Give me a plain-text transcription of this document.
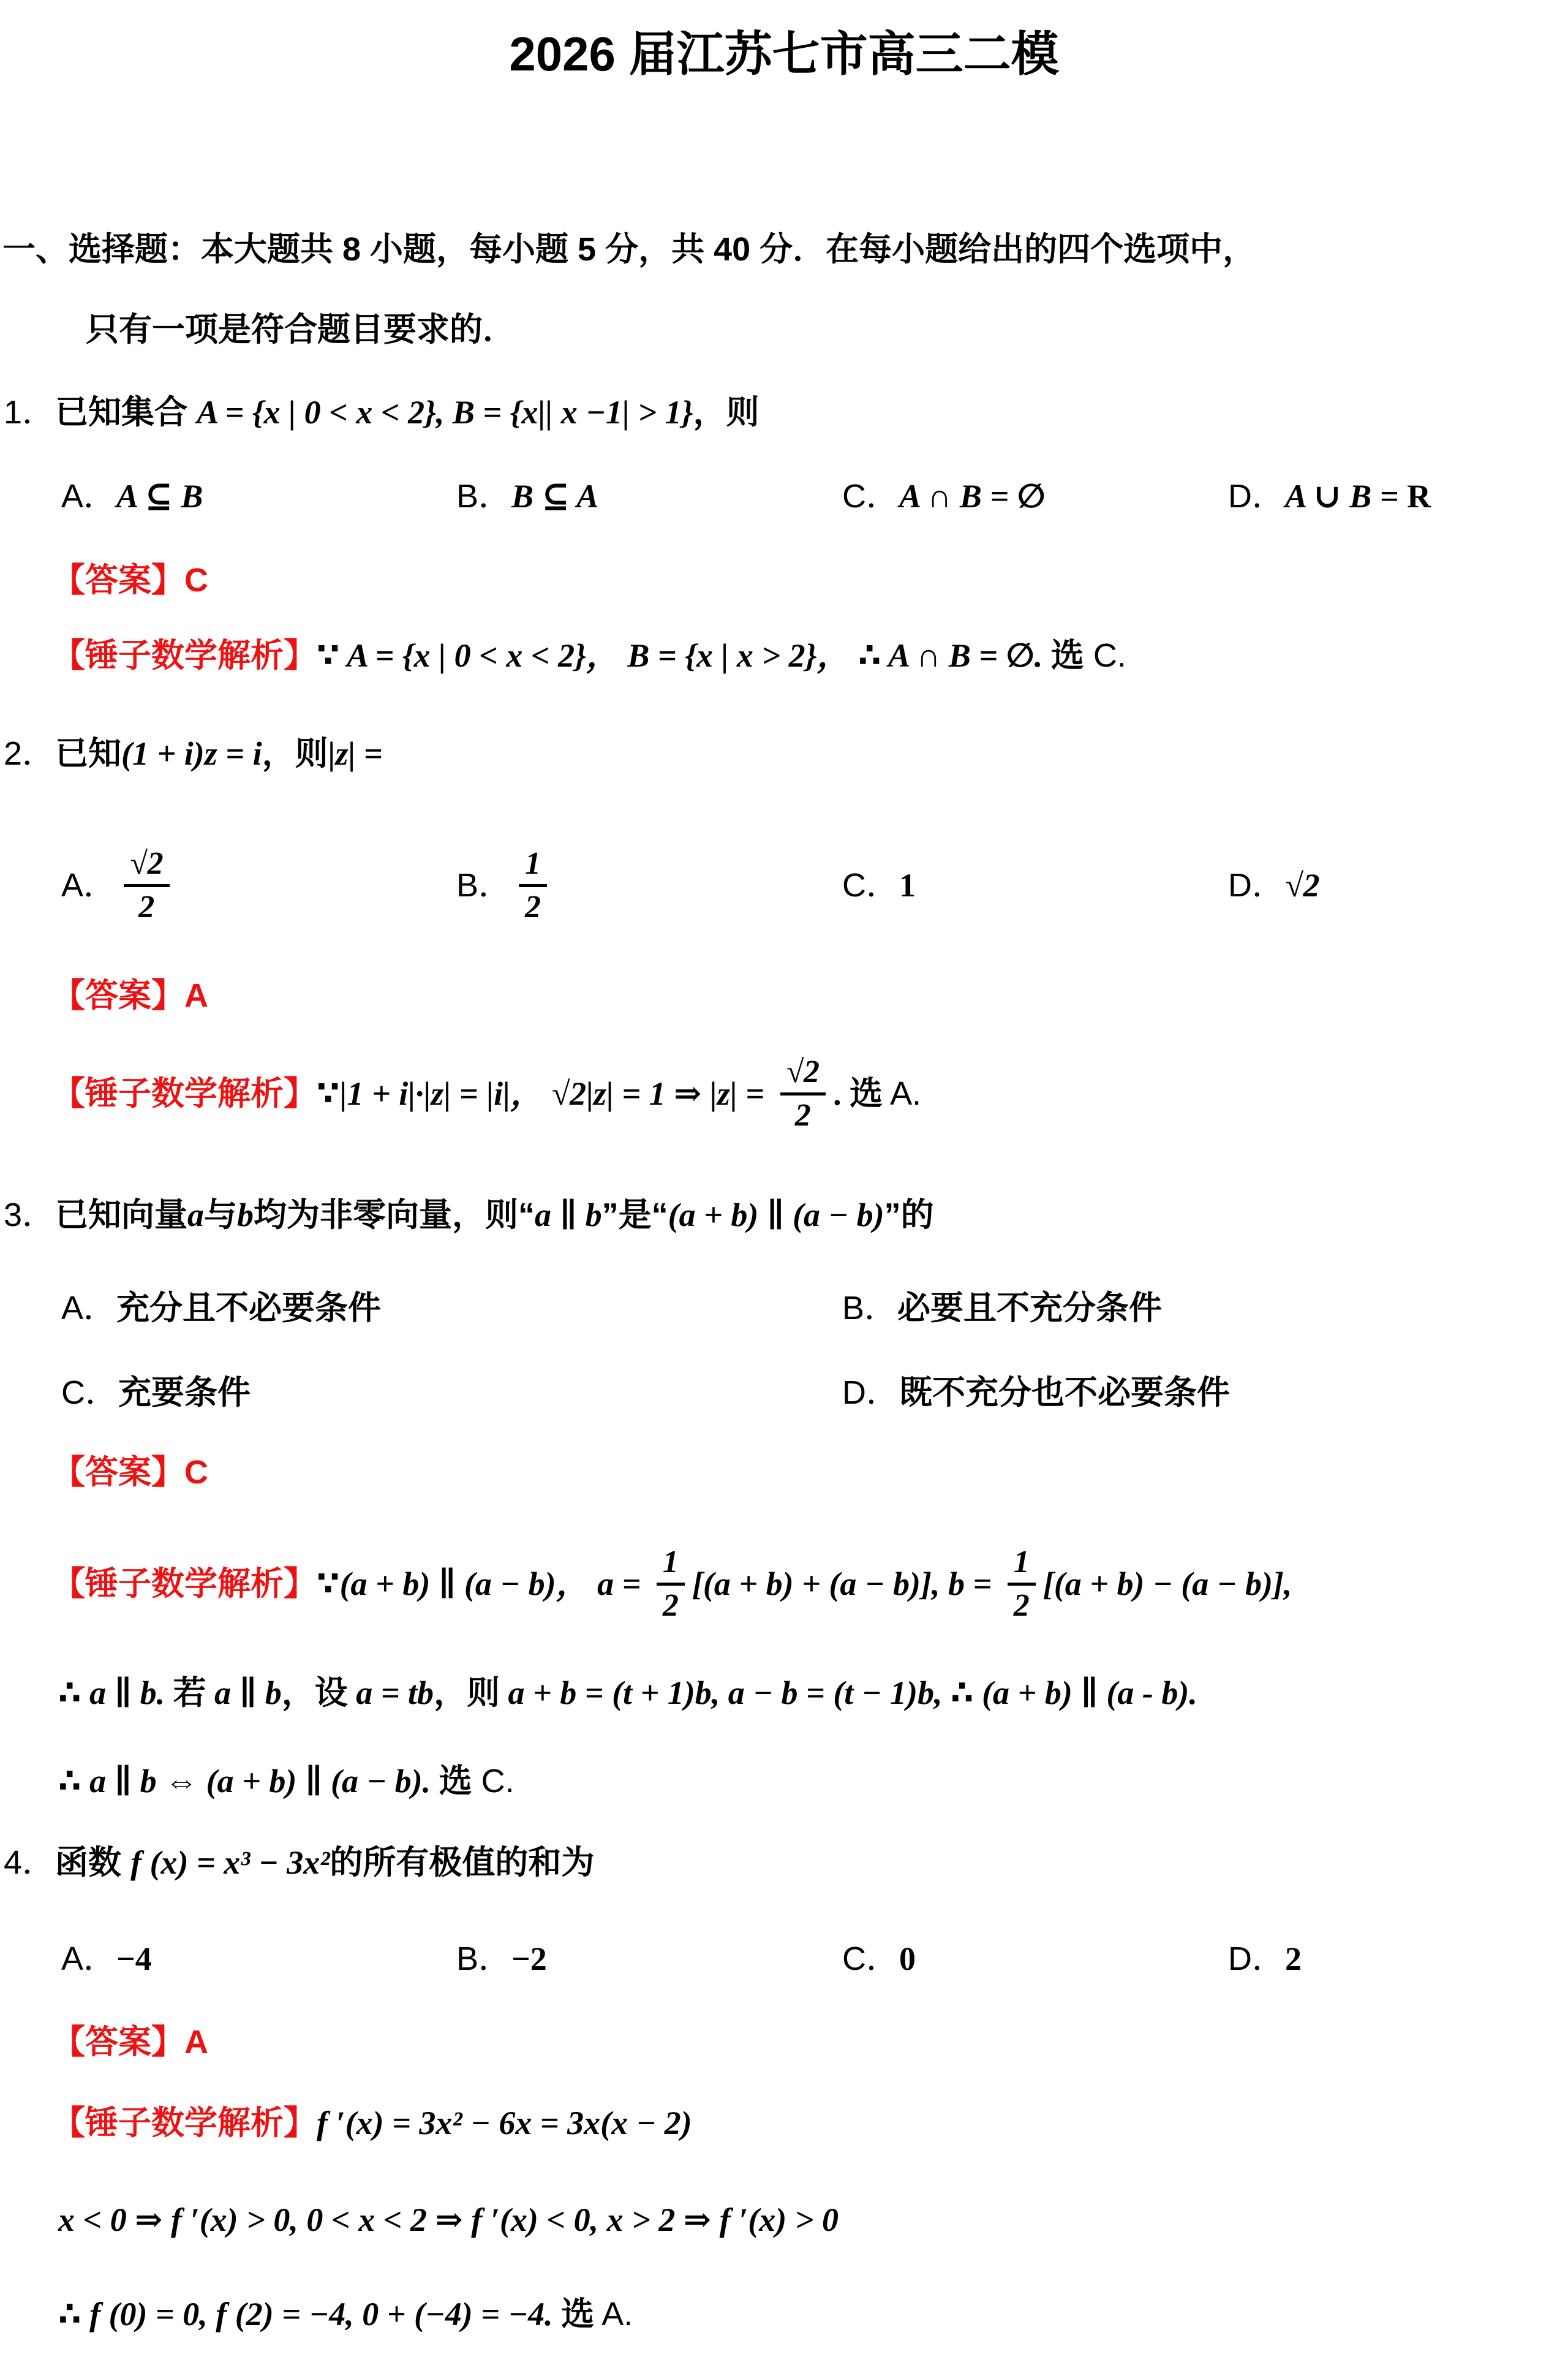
2026 届江苏七市高三二模
一、选择题：本大题共 8 小题，每小题 5 分，共 40 分．在每小题给出的四个选项中，
只有一项是符合题目要求的．
1． 已知集合 A = {x | 0 < x < 2}, B = {x|| x −1| > 1} ，则
A． A ⊆ B	B． B ⊆ A	C． A ∩ B = ∅	D． A ∪ B = R
【答案】 C
【锤子数学解析】 ∵ A = {x | 0 < x < 2}， B = {x | x > 2}， ∴ A ∩ B = ∅. 选 C.
2． 已知 (1 + i)z = i ，则 |z| =
A． $\frac{√2}{2}$	B． $\frac{1}{2}$	C． 1	D． √2
【答案】 A
【锤子数学解析】 ∵|1 + i|·|z| = |i|， √2|z| = 1 ⇒ $|z| = \frac{√2}{2}$ . 选 A.
3． 已知向量 a 与 b 均为非零向量，则“ a ∥ b ”是“ (a + b) ∥ (a − b) ”的
A． 充分且不必要条件	B． 必要且不充分条件
C． 充要条件	D． 既不充分也不必要条件
【答案】 C
【锤子数学解析】 ∵(a + b) ∥ (a − b)， $a = \frac{1}{2} [(a + b) + (a - b)]$, $b = \frac{1}{2} [(a + b) - (a - b)]$,
∴ a ∥ b. 若 a ∥ b ，设 a = tb ，则 a + b = (t + 1)b, a − b = (t − 1)b, ∴ (a + b) ∥ (a - b).
∴ a ∥ b ⇔ (a + b) ∥ (a − b). 选 C.
4． 函数 f (x) = x³ − 3x² 的所有极值的和为
A． −4	B． −2	C． 0	D． 2
【答案】 A
【锤子数学解析】 f ′(x) = 3x² − 6x = 3x(x − 2)
x < 0 ⇒ f ′(x) > 0, 0 < x < 2 ⇒ f ′(x) < 0, x > 2 ⇒ f ′(x) > 0
∴ f (0) = 0, f (2) = −4, 0 + (−4) = −4. 选 A.
